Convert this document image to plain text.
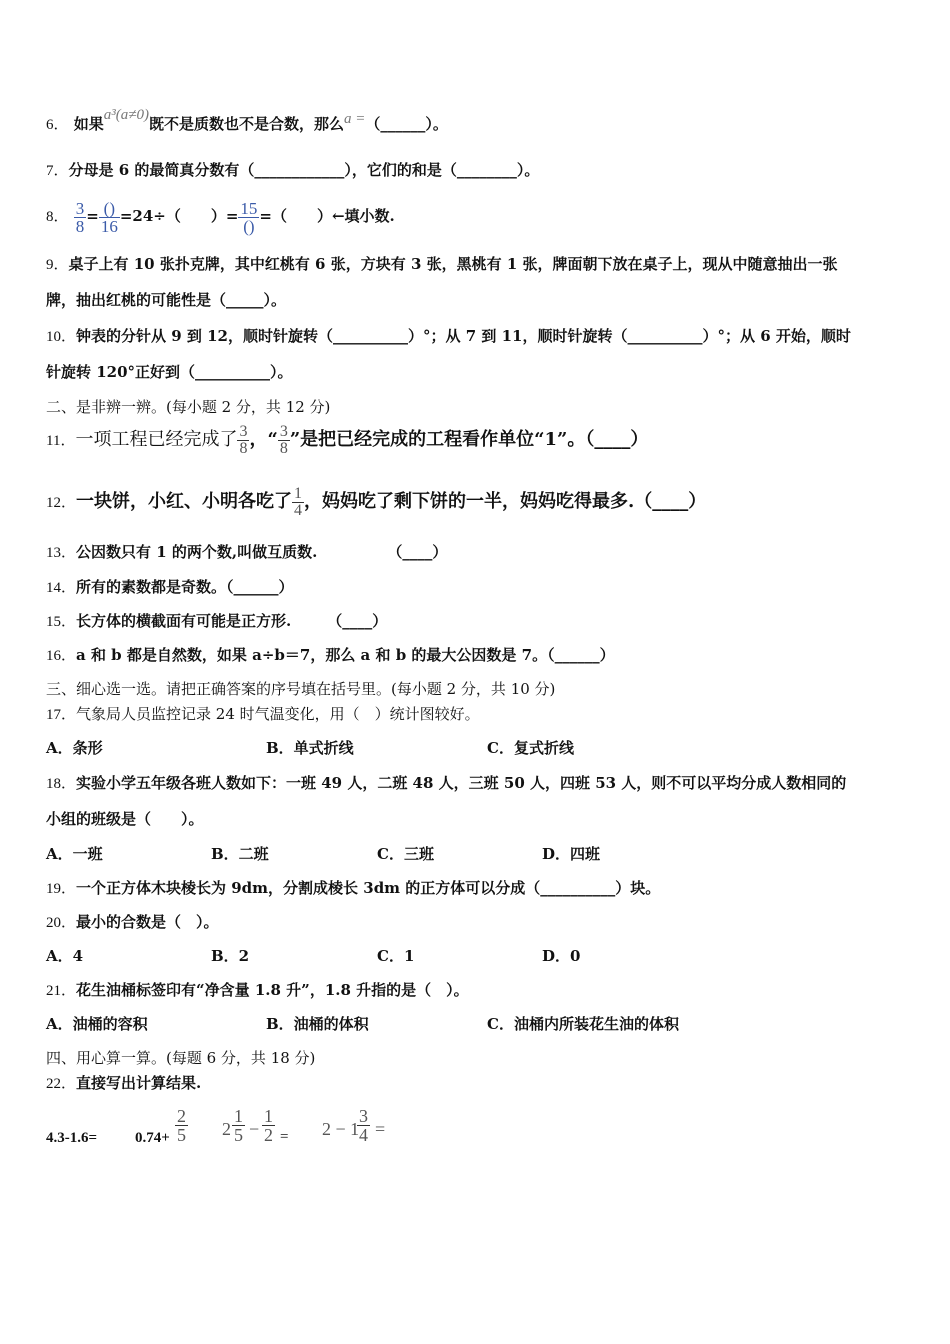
6． 如果a³(a≠0)既不是质数也不是合数，那么a =（______）。
7．分母是 6 的最简真分数有（____________），它们的和是（________）。
8． $\frac{3}{8} = \frac{()}{16} =24\div$（　　）= $\frac{15}{()}$ =（　　）←填小数.
9．桌子上有 10 张扑克牌，其中红桃有 6 张，方块有 3 张，黑桃有 1 张，牌面朝下放在桌子上，现从中随意抽出一张
牌，抽出红桃的可能性是（_____）。
10．钟表的分针从 9 到 12，顺时针旋转（__________）°；从 7 到 11，顺时针旋转（__________）°；从 6 开始，顺时
针旋转 120°正好到（__________）。
二、是非辨一辨。(每小题 2 分，共 12 分)
11．一项工程已经完成了 $\frac{3}{8}$ ，“ $\frac{3}{8}$ ”是把已经完成的工程看作单位“1”。（____）
12．一块饼，小红、小明各吃了 $\frac{1}{4}$ ，妈妈吃了剩下饼的一半，妈妈吃得最多.（____）
13．公因数只有 1 的两个数,叫做互质数.	（____）
14．所有的素数都是奇数。（______）
15．长方体的横截面有可能是正方形. （____）
16．a 和 b 都是自然数，如果 a÷b＝7，那么 a 和 b 的最大公因数是 7。（______）
三、细心选一选。请把正确答案的序号填在括号里。(每小题 2 分，共 10 分)
17．气象局人员监控记录 24 时气温变化，用（　）统计图较好。
A．条形	B．单式折线	C．复式折线
18．实验小学五年级各班人数如下：一班 49 人，二班 48 人，三班 50 人，四班 53 人，则不可以平均分成人数相同的
小组的班级是（　　）。
A．一班	B．二班	C．三班	D．四班
19．一个正方体木块棱长为 9dm，分割成棱长 3dm 的正方体可以分成（__________）块。
20．最小的合数是（　）。
A．4	B．2	C．1	D．0
21．花生油桶标签印有“净含量 1.8 升”，1.8 升指的是（　）。
A．油桶的容积	B．油桶的体积	C．油桶内所装花生油的体积
四、用心算一算。(每题 6 分，共 18 分)
22．直接写出计算结果.
4.3-1.6=	$0.74+ \frac{2}{5} 2 \frac{1}{5} - \frac{1}{2} = 2 - 1$
$\frac{3}{4}$ =
